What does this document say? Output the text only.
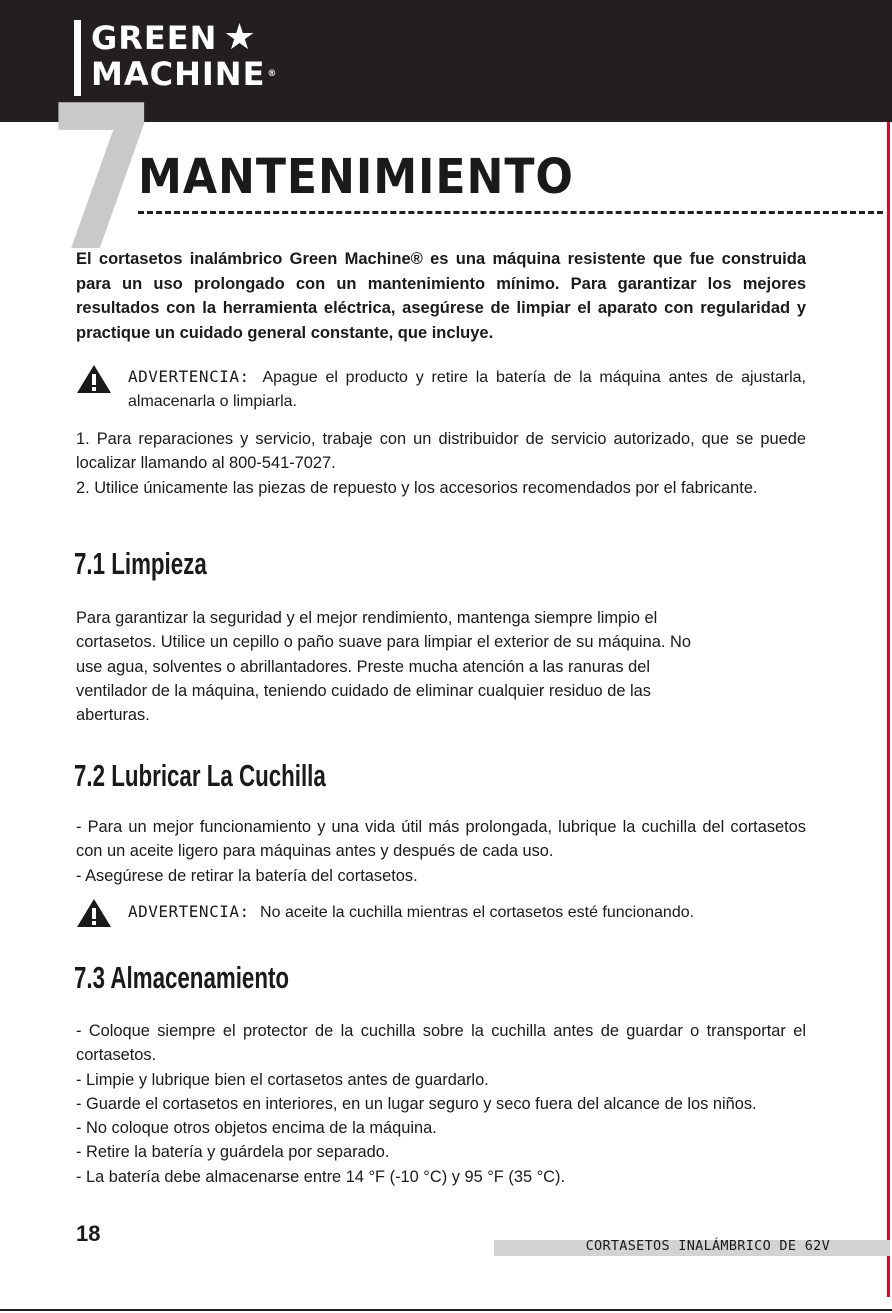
GREEN ★
MACHINE ®
7
MANTENIMIENTO

El cortasetos inalámbrico Green Machine® es una máquina resistente que fue construida para un uso prolongado con un mantenimiento mínimo. Para garantizar los mejores resultados con la herramienta eléctrica, asegúrese de limpiar el aparato con regularidad y practique un cuidado general constante, que incluye.

ADVERTENCIA: Apague el producto y retire la batería de la máquina antes de ajustarla, almacenarla o limpiarla.
1. Para reparaciones y servicio, trabaje con un distribuidor de servicio autorizado, que se puede localizar llamando al 800-541-7027.
2. Utilice únicamente las piezas de repuesto y los accesorios recomendados por el fabricante.
7.1 Limpieza
Para garantizar la seguridad y el mejor rendimiento, mantenga siempre limpio el
cortasetos. Utilice un cepillo o paño suave para limpiar el exterior de su máquina. No
use agua, solventes o abrillantadores. Preste mucha atención a las ranuras del
ventilador de la máquina, teniendo cuidado de eliminar cualquier residuo de las
aberturas.
7.2 Lubricar La Cuchilla
- Para un mejor funcionamiento y una vida útil más prolongada, lubrique la cuchilla del cortasetos con un aceite ligero para máquinas antes y después de cada uso.
- Asegúrese de retirar la batería del cortasetos.
ADVERTENCIA: No aceite la cuchilla mientras el cortasetos esté funcionando.
7.3 Almacenamiento
- Coloque siempre el protector de la cuchilla sobre la cuchilla antes de guardar o transportar el cortasetos.
- Limpie y lubrique bien el cortasetos antes de guardarlo.
- Guarde el cortasetos en interiores, en un lugar seguro y seco fuera del alcance de los niños.
- No coloque otros objetos encima de la máquina.
- Retire la batería y guárdela por separado.
- La batería debe almacenarse entre 14 °F (-10 °C) y 95 °F (35 °C).
18	CORTASETOS INALÁMBRICO DE 62V
